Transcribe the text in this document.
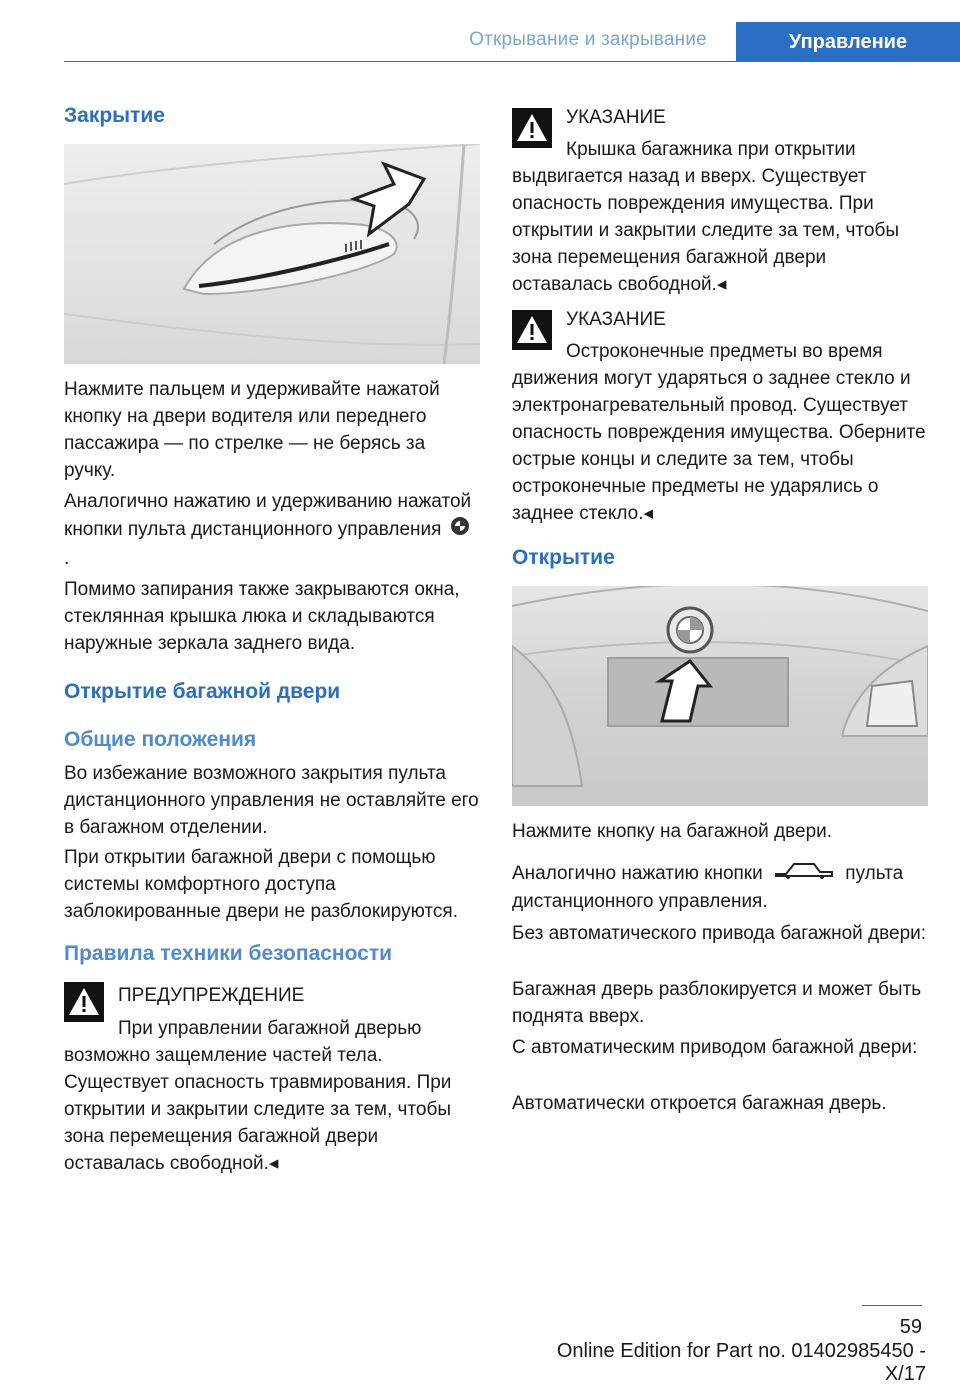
Открывание и закрывание	Управление
Закрытие

Нажмите пальцем и удерживайте нажатой кнопку на двери водителя или переднего пассажира — по стрелке — не берясь за ручку.

Аналогично нажатию и удерживанию нажатой кнопки пульта дистанционного управления  .

Помимо запирания также закрываются окна, стеклянная крышка люка и складываются наружные зеркала заднего вида.

Открытие багажной двери
Общие положения

Во избежание возможного закрытия пульта дистанционного управления не оставляйте его в багажном отделении.

При открытии багажной двери с помощью системы комфортного доступа заблокированные двери не разблокируются.

Правила техники безопасности
ПРЕДУПРЕЖДЕНИЕ

При управлении багажной дверью возможно защемление частей тела. Существует опасность травмирования. При открытии и закрытии следите за тем, чтобы зона перемещения багажной двери оставалась свободной.◂

УКАЗАНИЕ

Крышка багажника при открытии выдвигается назад и вверх. Существует опасность повреждения имущества. При открытии и закрытии следите за тем, чтобы зона перемещения багажной двери оставалась свободной.◂

УКАЗАНИЕ

Остроконечные предметы во время движения могут ударяться о заднее стекло и электронагревательный провод. Существует опасность повреждения имущества. Оберните острые концы и следите за тем, чтобы остроконечные предметы не ударялись о заднее стекло.◂

Открытие

Нажмите кнопку на багажной двери.

Аналогично нажатию кнопки	пульта дистанционного управления.

Без автоматического привода багажной двери:

Багажная дверь разблокируется и может быть поднята вверх.

С автоматическим приводом багажной двери:

Автоматически откроется багажная дверь.

59
Online Edition for Part no. 01402985450 - X/17
